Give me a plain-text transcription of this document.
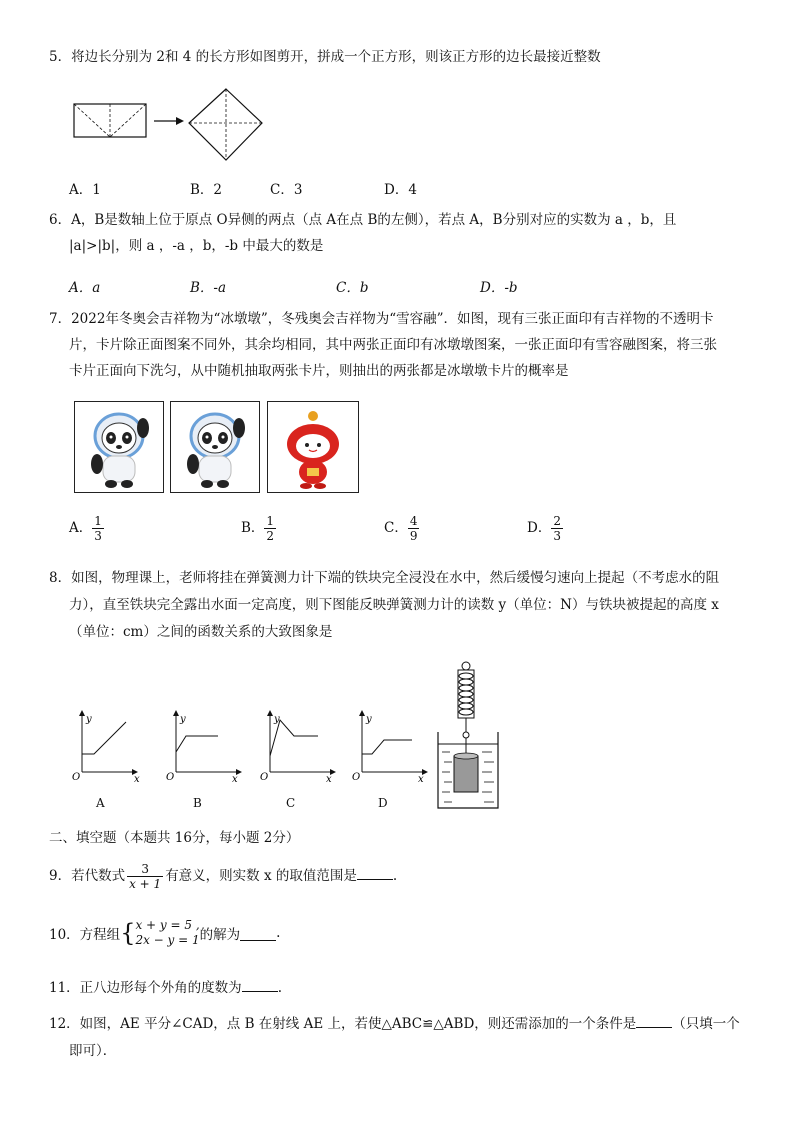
5．将边长分别为 2和 4 的长方形如图剪开，拼成一个正方形，则该正方形的边长最接近整数
A．1	B．2	C．3	D．4
6．A，B是数轴上位于原点 O异侧的两点（点 A在点 B的左侧），若点 A，B分别对应的实数为 a ，b，且
|a|>|b|，则 a ，-a ，b，-b 中最大的数是
A．a	B．-a	C．b	D．-b
7．2022年冬奥会吉祥物为“冰墩墩”，冬残奥会吉祥物为“雪容融”．如图，现有三张正面印有吉祥物的不透明卡
片，卡片除正面图案不同外，其余均相同，其中两张正面印有冰墩墩图案，一张正面印有雪容融图案，将三张
卡片正面向下洗匀，从中随机抽取两张卡片，则抽出的两张都是冰墩墩卡片的概率是
A． $\frac{1}{3}$	B． $\frac{1}{2}$	C． $\frac{4}{9}$	D． $\frac{2}{3}$
8．如图，物理课上，老师将挂在弹簧测力计下端的铁块完全浸没在水中，然后缓慢匀速向上提起（不考虑水的阻
力），直至铁块完全露出水面一定高度，则下图能反映弹簧测力计的读数 y（单位：N）与铁块被提起的高度 x
（单位：cm）之间的函数关系的大致图象是
y
x
O
y
x
O
y
x
O
y
x
O
A	B	C	D
二、填空题（本题共 16分，每小题 2分）
9．若代数式 $\frac{3}{x + 1}$ 有意义，则实数 x 的取值范围是	.
10．方程组{ x + y = 5 ,
2x − y = 1 的解为	.
11．正八边形每个外角的度数为	.
12．如图，AE 平分∠CAD，点 B 在射线 AE 上，若使△ABC≌△ABD，则还需添加的一个条件是	（只填一个
即可）．
